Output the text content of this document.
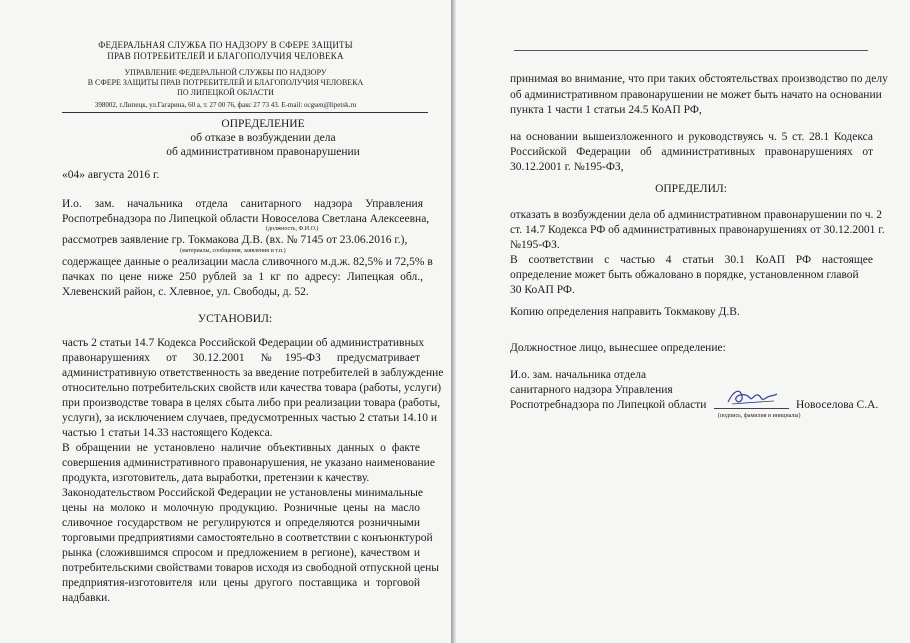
ФЕДЕРАЛЬНАЯ СЛУЖБА ПО НАДЗОРУ В СФЕРЕ ЗАЩИТЫ
ПРАВ ПОТРЕБИТЕЛЕЙ И БЛАГОПОЛУЧИЯ ЧЕЛОВЕКА
УПРАВЛЕНИЕ ФЕДЕРАЛЬНОЙ СЛУЖБЫ ПО НАДЗОРУ
В СФЕРЕ ЗАЩИТЫ ПРАВ ПОТРЕБИТЕЛЕЙ И БЛАГОПОЛУЧИЯ ЧЕЛОВЕКА
ПО ЛИПЕЦКОЙ ОБЛАСТИ
398002, г.Липецк, ул.Гагарина, 60 а, т. 27 00 76, факс 27 73 43. E-mail: ocgsen@lipetsk.ru
ОПРЕДЕЛЕНИЕ
об отказе в возбуждении дела
об административном правонарушении
«04» августа 2016 г.
И.о. зам. начальника отдела санитарного надзора Управления
Роспотребнадзора по Липецкой области Новоселова Светлана Алексеевна,
(должность, Ф.И.О.)
рассмотрев заявление гр. Токмакова Д.В. (вх. № 7145 от 23.06.2016 г.),
(материалы, сообщения, заявления и т.п.)
содержащее данные о реализации масла сливочного м.д.ж. 82,5% и 72,5% в
пачках по цене ниже 250 рублей за 1 кг по адресу: Липецкая обл.,
Хлевенский район, с. Хлевное, ул. Свободы, д. 52.
УСТАНОВИЛ:
часть 2 статьи 14.7 Кодекса Российской Федерации об административных
правонарушениях от 30.12.2001 №195-ФЗ предусматривает
административную ответственность за введение потребителей в заблуждение
относительно потребительских свойств или качества товара (работы, услуги)
при производстве товара в целях сбыта либо при реализации товара (работы,
услуги), за исключением случаев, предусмотренных частью 2 статьи 14.10 и
частью 1 статьи 14.33 настоящего Кодекса.
В обращении не установлено наличие объективных данных о факте
совершения административного правонарушения, не указано наименование
продукта, изготовитель, дата выработки, претензии к качеству.
Законодательством Российской Федерации не установлены минимальные
цены на молоко и молочную продукцию. Розничные цены на масло
сливочное государством не регулируются и определяются розничными
торговыми предприятиями самостоятельно в соответствии с конъюнктурой
рынка (сложившимся спросом и предложением в регионе), качеством и
потребительскими свойствами товаров исходя из свободной отпускной цены
предприятия-изготовителя или цены другого поставщика и торговой
надбавки.
принимая во внимание, что при таких обстоятельствах производство по делу
об административном правонарушении не может быть начато на основании
пункта 1 части 1 статьи 24.5 КоАП РФ,
на основании вышеизложенного и руководствуясь ч. 5 ст. 28.1 Кодекса
Российской Федерации об административных правонарушениях от
30.12.2001 г. №195-ФЗ,
ОПРЕДЕЛИЛ:
отказать в возбуждении дела об административном правонарушении по ч. 2
ст. 14.7 Кодекса РФ об административных правонарушениях от 30.12.2001 г.
№195-ФЗ.
В соответствии с частью 4 статьи 30.1 КоАП РФ настоящее
определение может быть обжаловано в порядке, установленном главой
30 КоАП РФ.
Копию определения направить Токмакову Д.В.
Должностное лицо, вынесшее определение:
И.о. зам. начальника отдела
санитарного надзора Управления
Роспотребнадзора по Липецкой области	Новоселова С.А.
(подпись, фамилия и инициалы)
